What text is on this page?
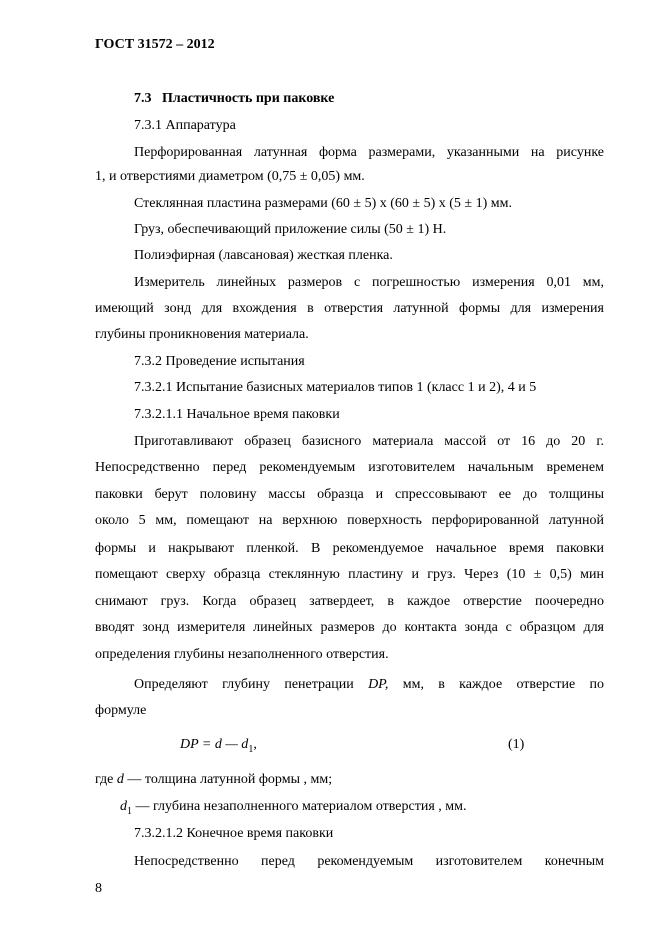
ГОСТ 31572 – 2012

7.3 Пластичность при паковке

7.3.1 Аппаратура

Перфорированная латунная форма размерами, указанными на рисунке

1, и отверстиями диаметром (0,75 ± 0,05) мм.

Стеклянная пластина размерами (60 ± 5) х (60 ± 5) х (5 ± 1) мм.

Груз, обеспечивающий приложение силы (50 ± 1) Н.

Полиэфирная (лавсановая) жесткая пленка.

Измеритель линейных размеров с погрешностью измерения 0,01 мм,

имеющий зонд для вхождения в отверстия латунной формы для измерения

глубины проникновения материала.

7.3.2 Проведение испытания

7.3.2.1 Испытание базисных материалов типов 1 (класс 1 и 2), 4 и 5

7.3.2.1.1 Начальное время паковки

Приготавливают образец базисного материала массой от 16 до 20 г.

Непосредственно перед рекомендуемым изготовителем начальным временем

паковки берут половину массы образца и спрессовывают ее до толщины

около 5 мм, помещают на верхнюю поверхность перфорированной латунной

формы и накрывают пленкой. В рекомендуемое начальное время паковки

помещают сверху образца стеклянную пластину и груз. Через (10 ± 0,5) мин

снимают груз. Когда образец затвердеет, в каждое отверстие поочередно

вводят зонд измерителя линейных размеров до контакта зонда с образцом для

определения глубины незаполненного отверстия.

Определяют глубину пенетрации DP, мм, в каждое отверстие по

формуле

DP = d — $d_1$,	(1)

где d — толщина латунной формы , мм;

$d_1$ — глубина незаполненного материалом отверстия , мм.

7.3.2.1.2 Конечное время паковки

Непосредственно перед рекомендуемым изготовителем конечным

8
